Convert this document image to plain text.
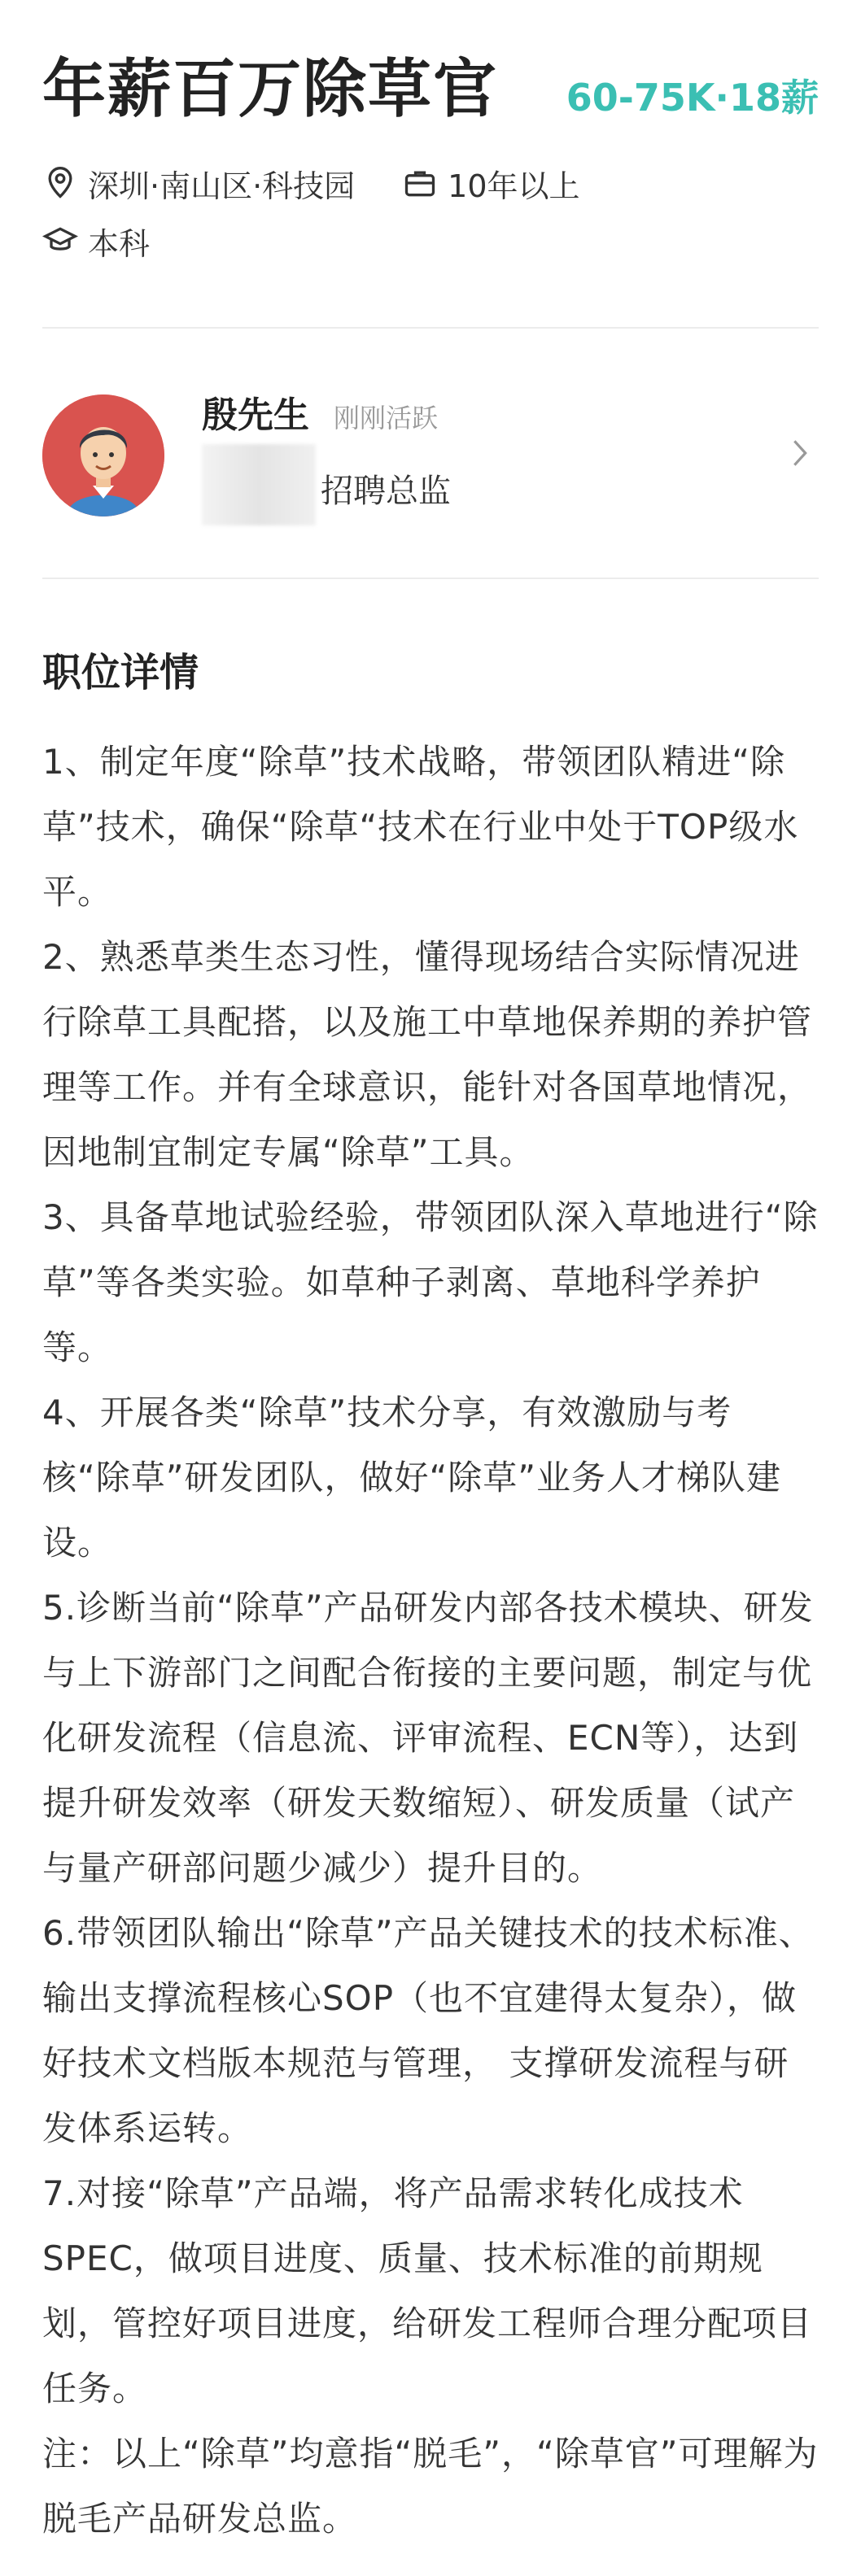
年薪百万除草官 60-75K·18薪
深圳·南山区·科技园	10年以上
本科
殷先生 刚刚活跃
招聘总监
职位详情

1、制定年度“除草”技术战略，带领团队精进“除草”技术，确保“除草“技术在行业中处于TOP级水平。

2、熟悉草类生态习性，懂得现场结合实际情况进行除草工具配搭，以及施工中草地保养期的养护管理等工作。并有全球意识，能针对各国草地情况，因地制宜制定专属“除草”工具。

3、具备草地试验经验，带领团队深入草地进行“除草”等各类实验。如草种子剥离、草地科学养护等。

4、开展各类“除草”技术分享，有效激励与考核“除草”研发团队，做好“除草”业务人才梯队建设。

5.诊断当前“除草”产品研发内部各技术模块、研发与上下游部门之间配合衔接的主要问题，制定与优化研发流程（信息流、评审流程、ECN等），达到提升研发效率（研发天数缩短）、研发质量（试产与量产研部问题少减少）提升目的。

6.带领团队输出“除草”产品关键技术的技术标准、输出支撑流程核心SOP（也不宜建得太复杂），做好技术文档版本规范与管理， 支撑研发流程与研发体系运转。

7.对接“除草”产品端，将产品需求转化成技术SPEC，做项目进度、质量、技术标准的前期规划，管控好项目进度，给研发工程师合理分配项目任务。

注：以上“除草”均意指“脱毛”，“除草官”可理解为脱毛产品研发总监。
